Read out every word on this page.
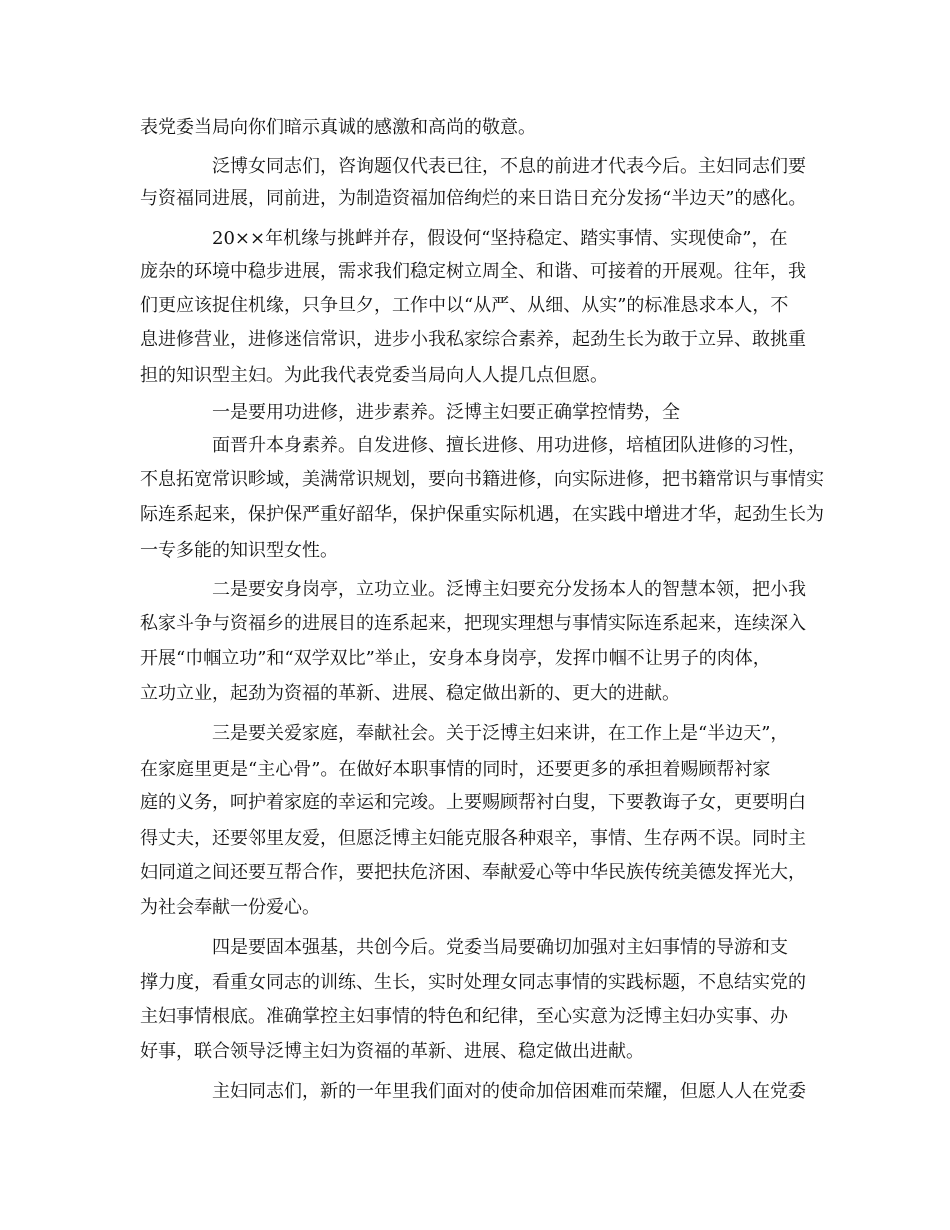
表党委当局向你们暗示真诚的感激和高尚的敬意。
泛博女同志们，咨询题仅代表已往，不息的前进才代表今后。主妇同志们要
与资福同进展，同前进，为制造资福加倍绚烂的来日诰日充分发扬“半边天”的感化。
20××年机缘与挑衅并存，假设何“坚持稳定、踏实事情、实现使命”，在
庞杂的环境中稳步进展，需求我们稳定树立周全、和谐、可接着的开展观。往年，我
们更应该捉住机缘，只争旦夕，工作中以“从严、从细、从实”的标准恳求本人，不
息进修营业，进修迷信常识，进步小我私家综合素养，起劲生长为敢于立异、敢挑重
担的知识型主妇。为此我代表党委当局向人人提几点但愿。
一是要用功进修，进步素养。泛博主妇要正确掌控情势，全
面晋升本身素养。自发进修、擅长进修、用功进修，培植团队进修的习性，
不息拓宽常识畛域，美满常识规划，要向书籍进修，向实际进修，把书籍常识与事情实
际连系起来，保护保严重好韶华，保护保重实际机遇，在实践中增进才华，起劲生长为
一专多能的知识型女性。
二是要安身岗亭，立功立业。泛博主妇要充分发扬本人的智慧本领，把小我
私家斗争与资福乡的进展目的连系起来，把现实理想与事情实际连系起来，连续深入
开展“巾帼立功”和“双学双比”举止，安身本身岗亭，发挥巾帼不让男子的肉体，
立功立业，起劲为资福的革新、进展、稳定做出新的、更大的进献。
三是要关爱家庭，奉献社会。关于泛博主妇来讲，在工作上是“半边天”，
在家庭里更是“主心骨”。在做好本职事情的同时，还要更多的承担着赐顾帮衬家
庭的义务，呵护着家庭的幸运和完竣。上要赐顾帮衬白叟，下要教诲子女，更要明白
得丈夫，还要邻里友爱，但愿泛博主妇能克服各种艰辛，事情、生存两不误。同时主
妇同道之间还要互帮合作，要把扶危济困、奉献爱心等中华民族传统美德发挥光大，
为社会奉献一份爱心。
四是要固本强基，共创今后。党委当局要确切加强对主妇事情的导游和支
撑力度，看重女同志的训练、生长，实时处理女同志事情的实践标题，不息结实党的
主妇事情根底。准确掌控主妇事情的特色和纪律，至心实意为泛博主妇办实事、办
好事，联合领导泛博主妇为资福的革新、进展、稳定做出进献。
主妇同志们，新的一年里我们面对的使命加倍困难而荣耀，但愿人人在党委
